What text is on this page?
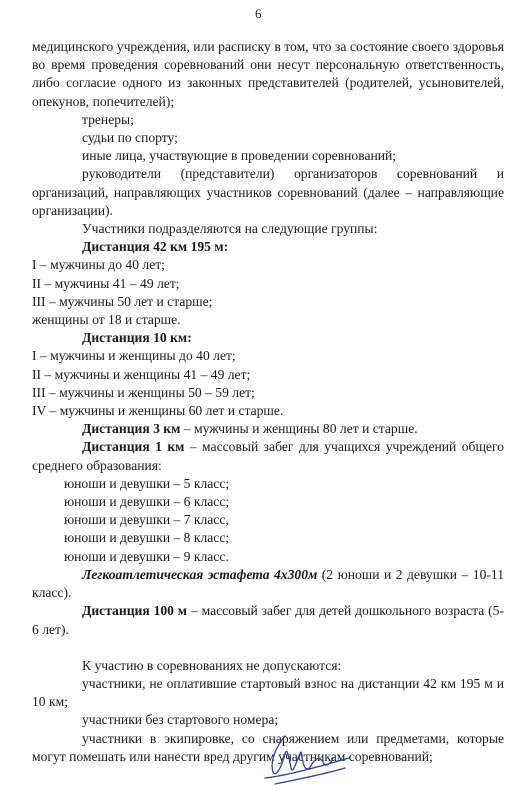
6

медицинского учреждения, или расписку в том, что за состояние своего здоровья во время проведения соревнований они несут персональную ответственность, либо согласие одного из законных представителей (родителей, усыновителей, опекунов, попечителей);

тренеры;

судьи по спорту;

иные лица, участвующие в проведении соревнований;

руководители (представители) организаторов соревнований и организаций, направляющих участников соревнований (далее – направляющие организации).

Участники подразделяются на следующие группы:

Дистанция 42 км 195 м:

I – мужчины до 40 лет;

II – мужчины 41 – 49 лет;

III – мужчины 50 лет и старше;

женщины от 18 и старше.

Дистанция 10 км:

I – мужчины и женщины до 40 лет;

II – мужчины и женщины 41 – 49 лет;

III – мужчины и женщины 50 – 59 лет;

IV – мужчины и женщины 60 лет и старше.

Дистанция 3 км – мужчины и женщины 80 лет и старше.

Дистанция 1 км – массовый забег для учащихся учреждений общего среднего образования:

юноши и девушки – 5 класс;

юноши и девушки – 6 класс;

юноши и девушки – 7 класс,

юноши и девушки – 8 класс;

юноши и девушки – 9 класс.

Легкоатлетическая эстафета 4х300м (2 юноши и 2 девушки – 10-11 класс).

Дистанция 100 м – массовый забег для детей дошкольного возраста (5-6 лет).

К участию в соревнованиях не допускаются:

участники, не оплатившие стартовый взнос на дистанции 42 км 195 м и 10 км;

участники без стартового номера;

участники в экипировке, со снаряжением или предметами, которые могут помешать или нанести вред другим участникам соревнований;
